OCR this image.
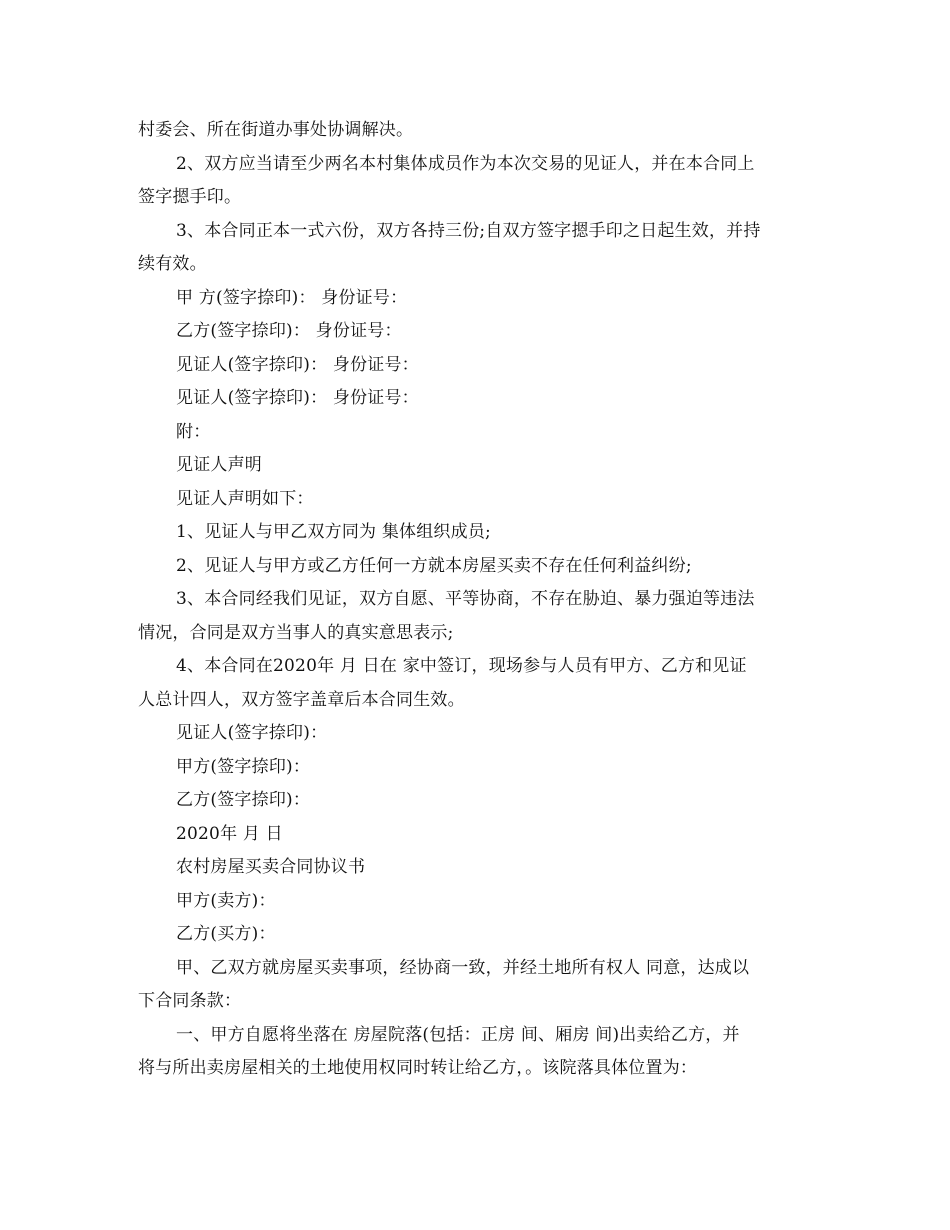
村委会、所在街道办事处协调解决。
2、双方应当请至少两名本村集体成员作为本次交易的见证人，并在本合同上
签字摁手印。
3、本合同正本一式六份，双方各持三份;自双方签字摁手印之日起生效，并持
续有效。
甲 方(签字捺印)： 身份证号：
乙方(签字捺印)： 身份证号：
见证人(签字捺印)： 身份证号：
见证人(签字捺印)： 身份证号：
附：
见证人声明
见证人声明如下：
1、见证人与甲乙双方同为 集体组织成员;
2、见证人与甲方或乙方任何一方就本房屋买卖不存在任何利益纠纷;
3、本合同经我们见证，双方自愿、平等协商，不存在胁迫、暴力强迫等违法
情况，合同是双方当事人的真实意思表示;
4、本合同在2020年 月 日在 家中签订，现场参与人员有甲方、乙方和见证
人总计四人，双方签字盖章后本合同生效。
见证人(签字捺印)：
甲方(签字捺印)：
乙方(签字捺印)：
2020年 月 日
农村房屋买卖合同协议书
甲方(卖方)：
乙方(买方)：
甲、乙双方就房屋买卖事项，经协商一致，并经土地所有权人 同意，达成以
下合同条款：
一、甲方自愿将坐落在 房屋院落(包括：正房 间、厢房 间)出卖给乙方，并
将与所出卖房屋相关的土地使用权同时转让给乙方，。该院落具体位置为：
